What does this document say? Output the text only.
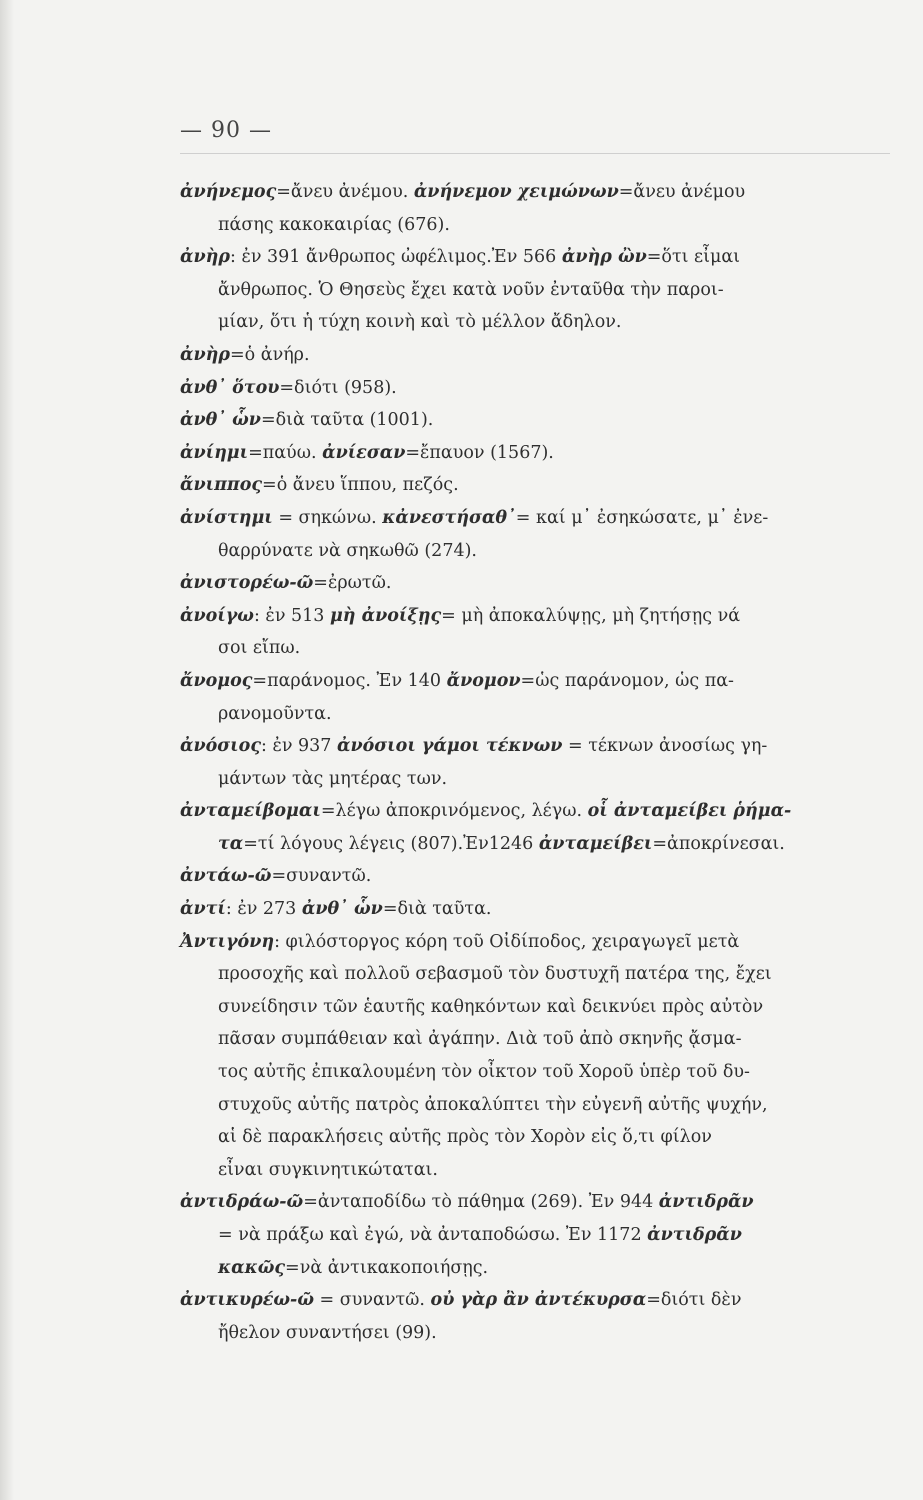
— 90 —
ἀνήνεμος=ἄνευ ἀνέμου. ἀνήνεμον χειμώνων=ἄνευ ἀνέμου
πάσης κακοκαιρίας (676).
ἀνὴρ: ἐν 391 ἄνθρωπος ὠφέλιμος.Ἐν 566 ἀνὴρ ὢν=ὅτι εἶμαι
ἄνθρωπος. Ὁ Θησεὺς ἔχει κατὰ νοῦν ἐνταῦθα τὴν παροι-
μίαν, ὅτι ἡ τύχη κοινὴ καὶ τὸ μέλλον ἄδηλον.
ἀνὴρ=ὁ ἀνήρ.
ἀνθ᾽ ὅτου=διότι (958).
ἀνθ᾽ ὧν=διὰ ταῦτα (1001).
ἀνίημι=παύω. ἀνίεσαν=ἔπαυον (1567).
ἄνιππος=ὁ ἄνευ ἵππου, πεζός.
ἀνίστημι = σηκώνω. κἀνεστήσαθ᾽= καί μ᾽ ἐσηκώσατε, μ᾽ ἐνε-
θαρρύνατε νὰ σηκωθῶ (274).
ἀνιστορέω-ῶ=ἐρωτῶ.
ἀνοίγω: ἐν 513 μὴ ἀνοίξῃς= μὴ ἀποκαλύψῃς, μὴ ζητήσῃς νά
σοι εἴπω.
ἄνομος=παράνομος. Ἐν 140 ἄνομον=ὡς παράνομον, ὡς πα-
ρανομοῦντα.
ἀνόσιος: ἐν 937 ἀνόσιοι γάμοι τέκνων = τέκνων ἀνοσίως γη-
μάντων τὰς μητέρας των.
ἀνταμείβομαι=λέγω ἀποκρινόμενος, λέγω. οἷ ἀνταμείβει ῥήμα-
τα=τί λόγους λέγεις (807).Ἐν1246 ἀνταμείβει=ἀποκρίνεσαι.
ἀντάω-ῶ=συναντῶ.
ἀντί: ἐν 273 ἀνθ᾽ ὧν=διὰ ταῦτα.
Ἀντιγόνη: φιλόστοργος κόρη τοῦ Οἰδίποδος, χειραγωγεῖ μετὰ
προσοχῆς καὶ πολλοῦ σεβασμοῦ τὸν δυστυχῆ πατέρα της, ἔχει
συνείδησιν τῶν ἑαυτῆς καθηκόντων καὶ δεικνύει πρὸς αὐτὸν
πᾶσαν συμπάθειαν καὶ ἀγάπην. Διὰ τοῦ ἀπὸ σκηνῆς ᾄσμα-
τος αὐτῆς ἐπικαλουμένη τὸν οἶκτον τοῦ Χοροῦ ὑπὲρ τοῦ δυ-
στυχοῦς αὐτῆς πατρὸς ἀποκαλύπτει τὴν εὐγενῆ αὐτῆς ψυχήν,
αἱ δὲ παρακλήσεις αὐτῆς πρὸς τὸν Χορὸν εἰς ὅ,τι φίλον
εἶναι συγκινητικώταται.
ἀντιδράω-ῶ=ἀνταποδίδω τὸ πάθημα (269). Ἐν 944 ἀντιδρᾶν
= νὰ πράξω καὶ ἐγώ, νὰ ἀνταποδώσω. Ἐν 1172 ἀντιδρᾶν
κακῶς=νὰ ἀντικακοποιήσῃς.
ἀντικυρέω-ῶ = συναντῶ. οὐ γὰρ ἂν ἀντέκυρσα=διότι δὲν
ἤθελον συναντήσει (99).
